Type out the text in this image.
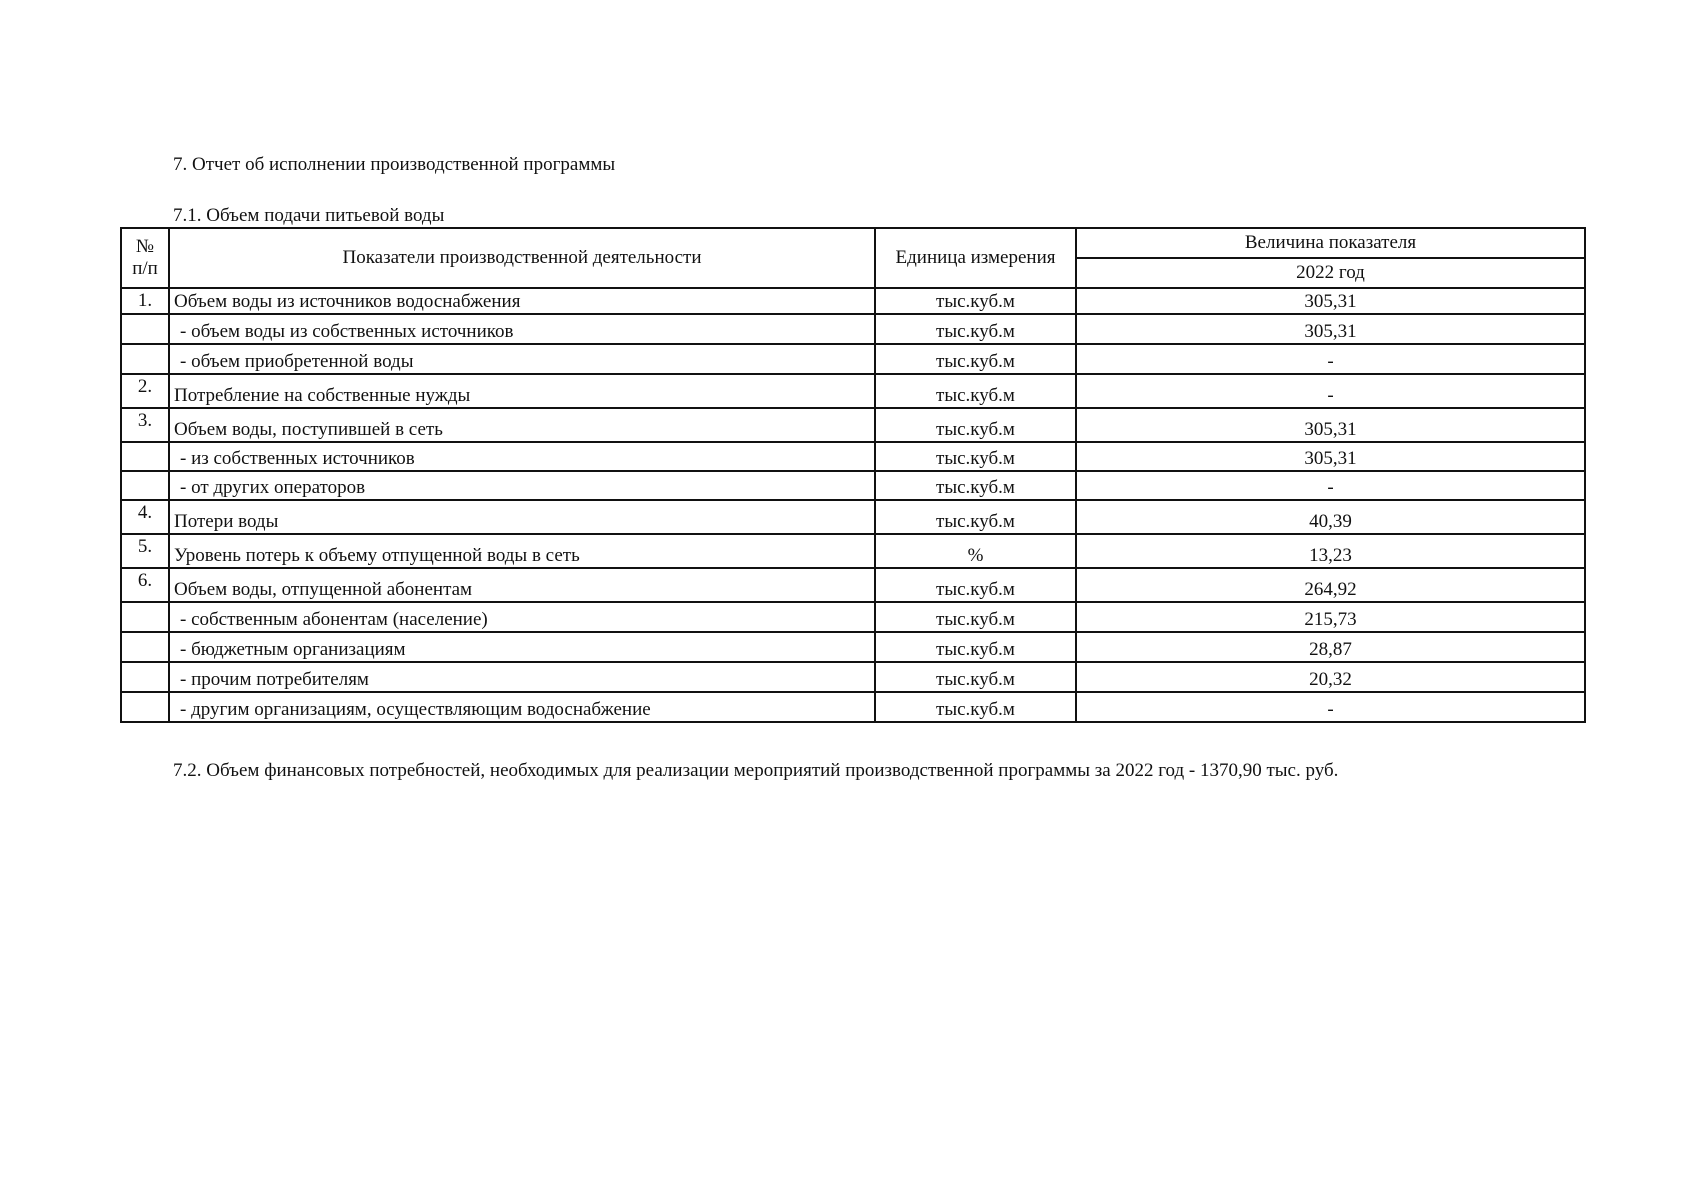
7. Отчет об исполнении производственной программы
7.1. Объем подачи питьевой воды
№
п/п	Показатели производственной деятельности	Единица измерения	Величина показателя
			2022 год
1.	Объем воды из источников водоснабжения	тыс.куб.м	305,31
	- объем воды из собственных источников	тыс.куб.м	305,31
	- объем приобретенной воды	тыс.куб.м	-
2.	Потребление на собственные нужды	тыс.куб.м	-
3.	Объем воды, поступившей в сеть	тыс.куб.м	305,31
	- из собственных источников	тыс.куб.м	305,31
	- от других операторов	тыс.куб.м	-
4.	Потери воды	тыс.куб.м	40,39
5.	Уровень потерь к объему отпущенной воды в сеть	%	13,23
6.	Объем воды, отпущенной абонентам	тыс.куб.м	264,92
	- собственным абонентам (население)	тыс.куб.м	215,73
	- бюджетным организациям	тыс.куб.м	28,87
	- прочим потребителям	тыс.куб.м	20,32
	- другим организациям, осуществляющим водоснабжение	тыс.куб.м	-
7.2. Объем финансовых потребностей, необходимых для реализации мероприятий производственной программы за 2022 год - 1370,90 тыс. руб.
